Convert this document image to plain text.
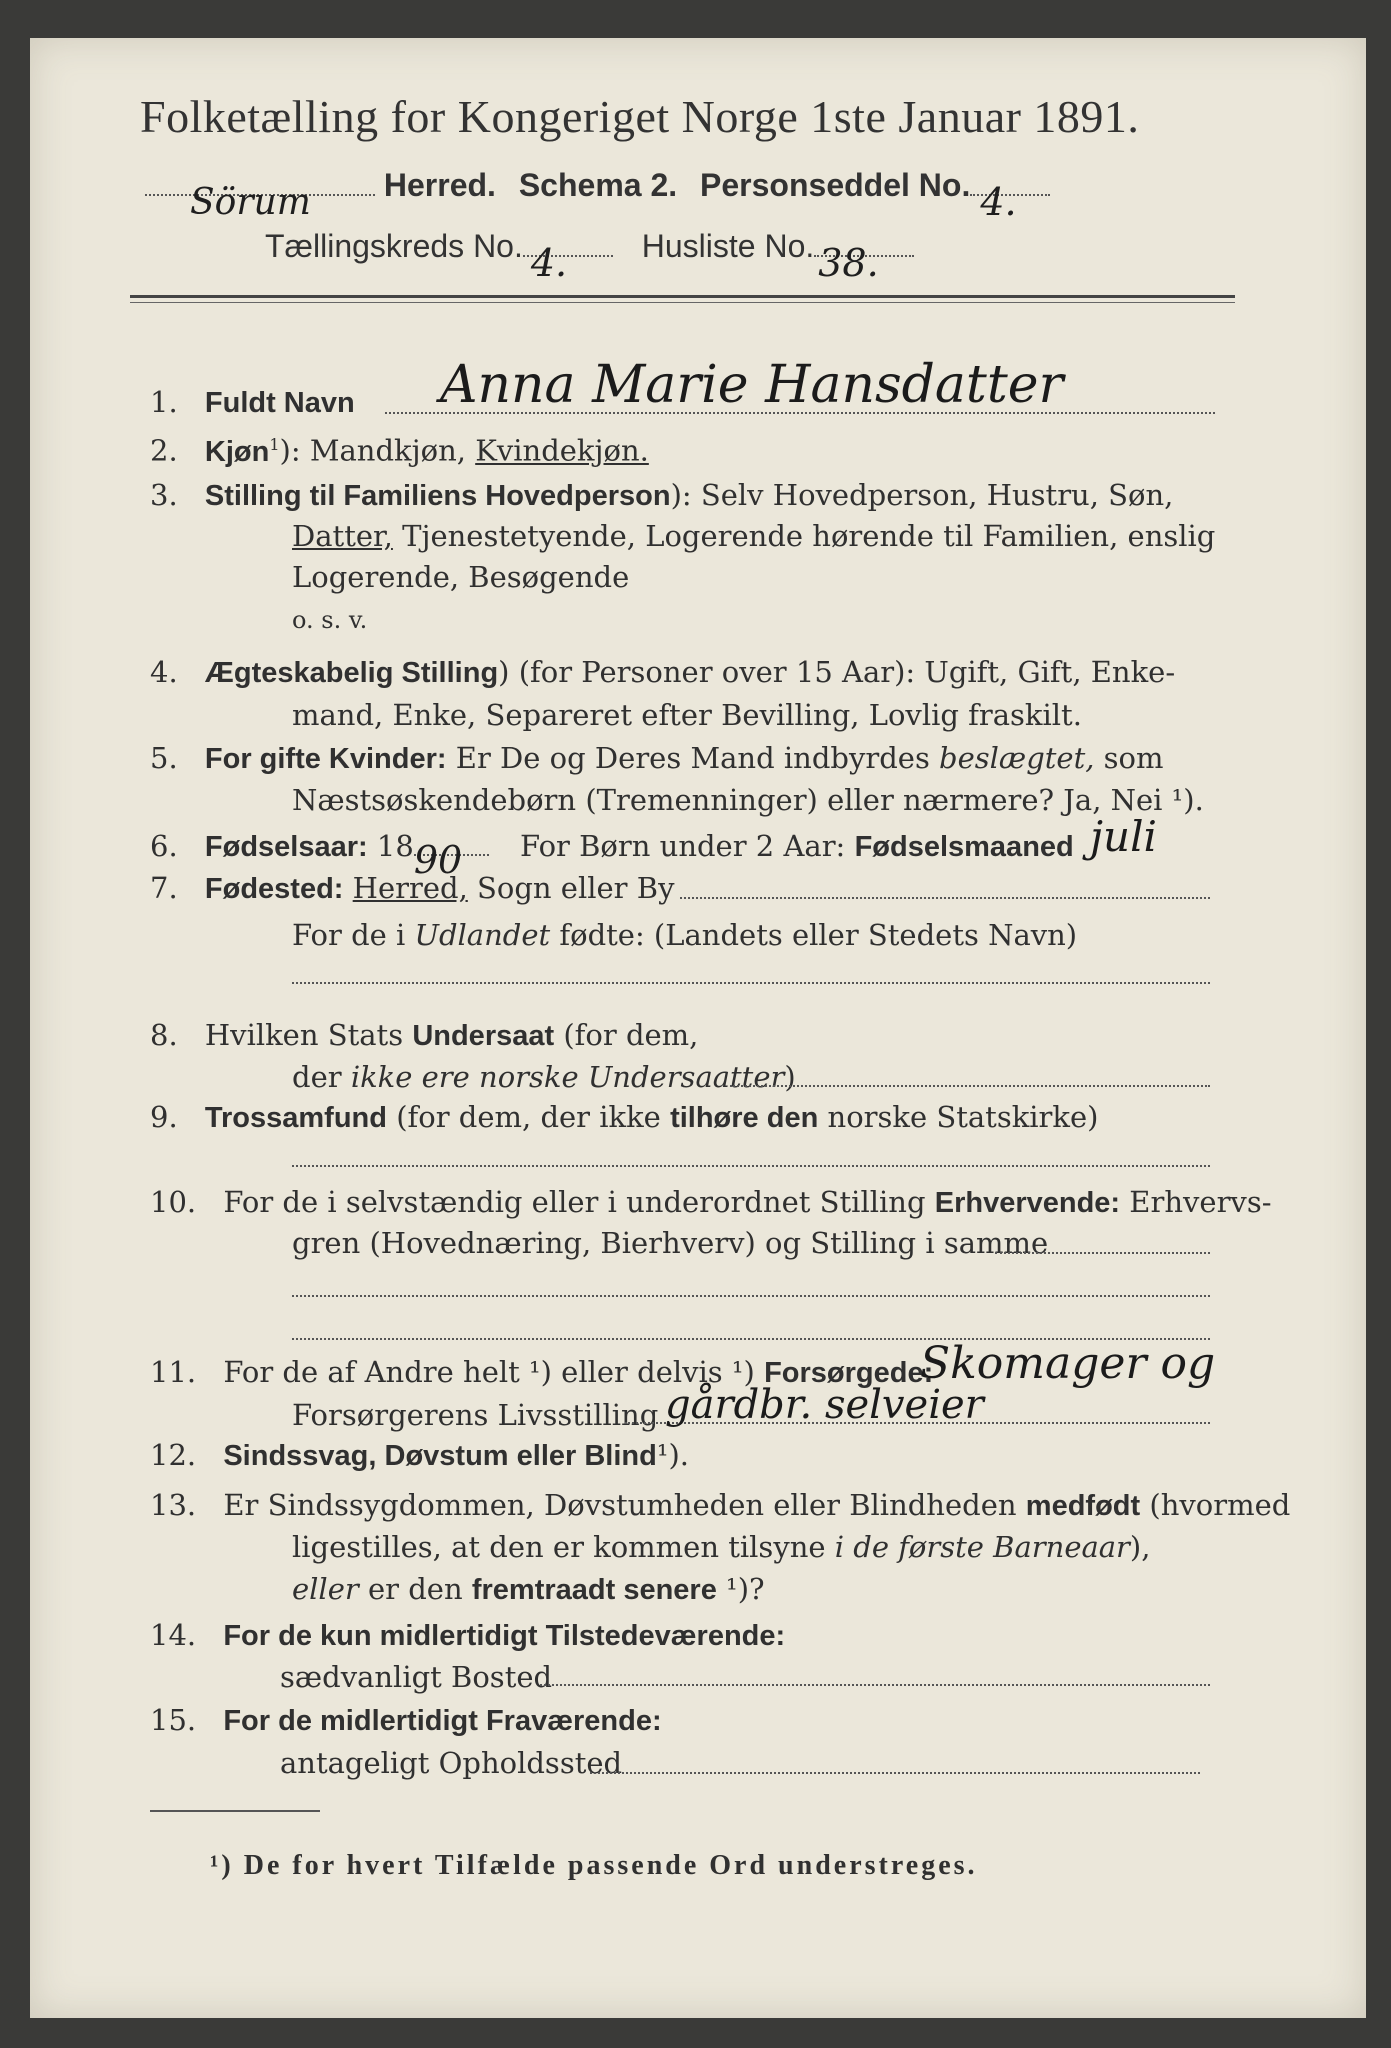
Folketælling for Kongeriget Norge 1ste Januar 1891.
Sörum Herred. Schema 2. Personseddel No. 4.
Tællingskreds No. 4. Husliste No. 38.
1. Fuldt Navn Anna Marie Hansdatter
2. Kjøn$^1$): Mandkjøn, Kvindekjøn.
3. Stilling til Familiens Hovedperson): Selv Hovedperson, Hustru, Søn,
Datter, Tjenestetyende, Logerende hørende til Familien, enslig
Logerende, Besøgende
o. s. v.
4. Ægteskabelig Stilling) (for Personer over 15 Aar): Ugift, Gift, Enke-
mand, Enke, Separeret efter Bevilling, Lovlig fraskilt.
5. For gifte Kvinder: Er De og Deres Mand indbyrdes beslægtet, som
Næstsøskendebørn (Tremenninger) eller nærmere? Ja, Nei ¹).
6. Fødselsaar: 18 90 For Børn under 2 Aar: Fødselsmaaned juli
7. Fødested: Herred, Sogn eller By
For de i Udlandet fødte: (Landets eller Stedets Navn)
8. Hvilken Stats Undersaat (for dem,
der ikke ere norske Undersaatter)
9. Trossamfund (for dem, der ikke tilhøre den norske Statskirke)
10. For de i selvstændig eller i underordnet Stilling Erhvervende: Erhvervs-
gren (Hovednæring, Bierhverv) og Stilling i samme
11. For de af Andre helt ¹) eller delvis ¹) Forsørgede:
Skomager og
Forsørgerens Livsstilling gårdbr. selveier
12. Sindssvag, Døvstum eller Blind¹).
13. Er Sindssygdommen, Døvstumheden eller Blindheden medfødt (hvormed
ligestilles, at den er kommen tilsyne i de første Barneaar),
eller er den fremtraadt senere ¹)?
14. For de kun midlertidigt Tilstedeværende:
sædvanligt Bosted
15. For de midlertidigt Fraværende:
antageligt Opholdssted
¹) De for hvert Tilfælde passende Ord understreges.
